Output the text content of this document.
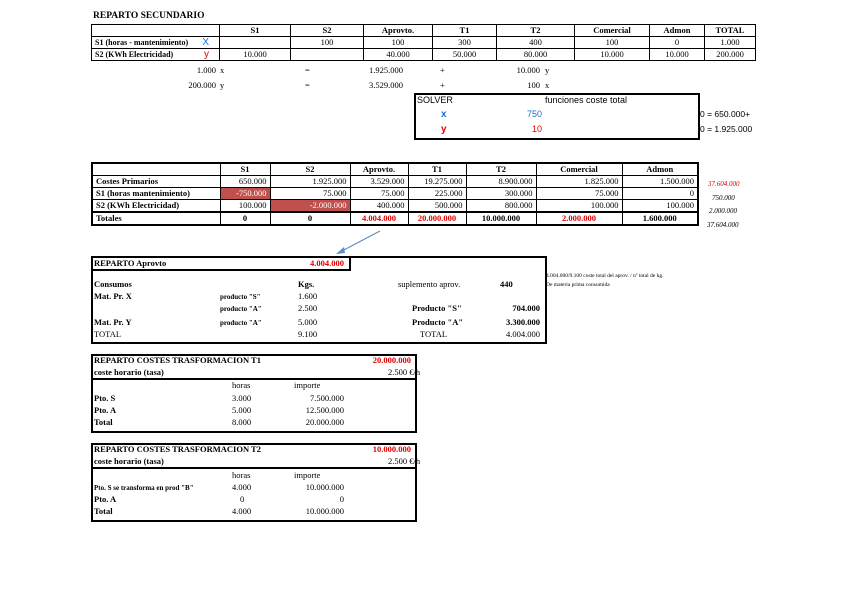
REPARTO SECUNDARIO
	S1	S2	Aprovto.	T1	T2	Comercial	Admon	TOTAL
S1 (horas - mantenimiento) X		100	100	300	400	100	0	1.000
S2 (KWh Electricidad) y	10.000		40.000	50.000	80.000	10.000	10.000	200.000
1.000 x	=	1.925.000	+	10.000 y
200.000 y	=	3.529.000	+	100 x
SOLVER	funciones coste total
x	750
y	10
0 = 650.000+
0 = 1.925.000
	S1	S2	Aprovto.	T1	T2	Comercial	Admon
Costes Primarios	650.000	1.925.000	3.529.000	19.275.000	8.900.000	1.825.000	1.500.000
S1 (horas mantenimiento)	-750.000	75.000	75.000	225.000	300.000	75.000	0
S2 (KWh Electricidad)	100.000	-2.000.000	400.000	500.000	800.000	100.000	100.000
Totales	0	0	4.004.000	20.000.000	10.000.000	2.000.000	1.600.000
37.604.000
750.000
2.000.000
37.604.000
REPARTO Aprovto	4.004.000
4.004.000/9.100 coste total del aprov. / nº total de kg.
De materia prima consumida
Consumos	Kgs.	suplemento aprov.	440
Mat. Pr. X	producto "S"	1.600
producto "A"	2.500	Producto "S"	704.000
Mat. Pr. Y	producto "A"	5.000	Producto "A"	3.300.000
TOTAL	9.100	TOTAL	4.004.000
REPARTO COSTES TRASFORMACION T1	20.000.000
coste horario (tasa)	2.500 €/h
horas	importe
Pto. S	3.000	7.500.000
Pto. A	5.000	12.500.000
Total	8.000	20.000.000
REPARTO COSTES TRASFORMACION T2	10.000.000
coste horario (tasa)	2.500 €/h
horas	importe
Pto. S se transforma en prod "B"	4.000	10.000.000
Pto. A	0	0
Total	4.000	10.000.000
